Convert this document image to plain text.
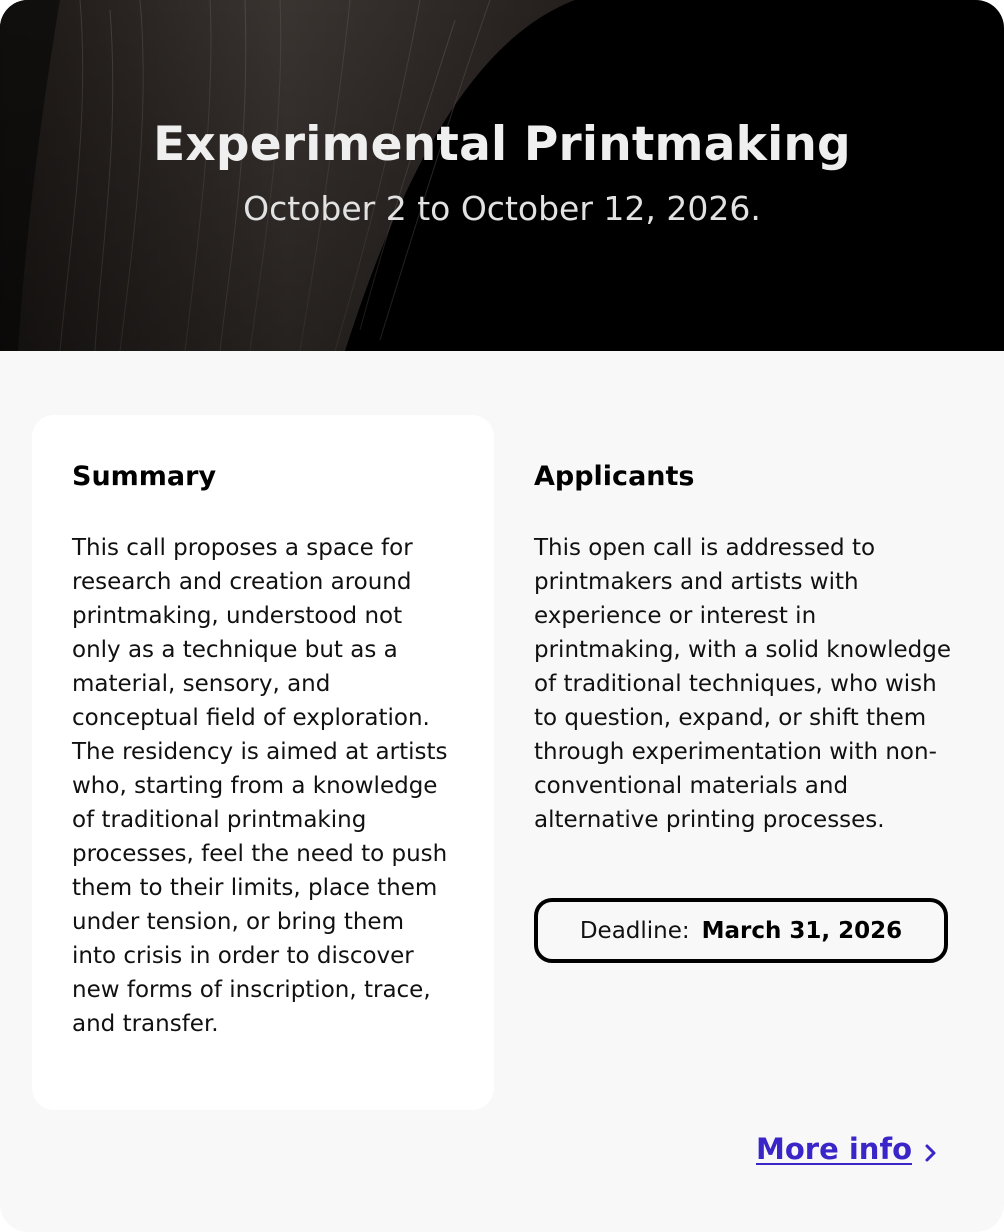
Experimental Printmaking

October 2 to October 12, 2026.

Summary

This call proposes a space for research and creation around printmaking, understood not only as a technique but as a material, sensory, and conceptual field of exploration. The residency is aimed at artists who, starting from a knowledge of traditional printmaking processes, feel the need to push them to their limits, place them under tension, or bring them into crisis in order to discover new forms of inscription, trace, and transfer.

Applicants

This open call is addressed to printmakers and artists with experience or interest in printmaking, with a solid knowledge of traditional techniques, who wish to question, expand, or shift them through experimentation with non-conventional materials and alternative printing processes.

Deadline: March 31, 2026
More info
